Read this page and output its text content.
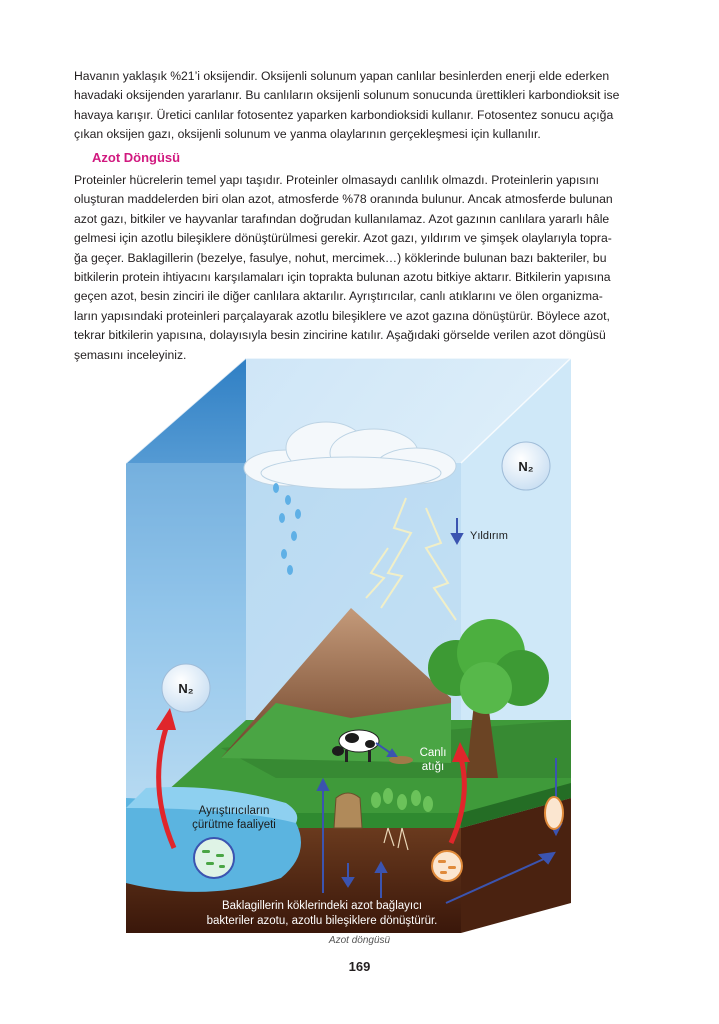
Havanın yaklaşık %21’i oksijendir. Oksijenli solunum yapan canlılar besinlerden enerji elde ederken
havadaki oksijenden yararlanır. Bu canlıların oksijenli solunum sonucunda ürettikleri karbondioksit ise
havaya karışır. Üretici canlılar fotosentez yaparken karbondioksidi kullanır. Fotosentez sonucu açığa
çıkan oksijen gazı, oksijenli solunum ve yanma olaylarının gerçekleşmesi için kullanılır.
Azot Döngüsü
Proteinler hücrelerin temel yapı taşıdır. Proteinler olmasaydı canlılık olmazdı. Proteinlerin yapısını
oluşturan maddelerden biri olan azot, atmosferde %78 oranında bulunur. Ancak atmosferde bulunan
azot gazı, bitkiler ve hayvanlar tarafından doğrudan kullanılamaz. Azot gazının canlılara yararlı hâle
gelmesi için azotlu bileşiklere dönüştürülmesi gerekir. Azot gazı, yıldırım ve şimşek olaylarıyla topra-
ğa geçer. Baklagillerin (bezelye, fasulye, nohut, mercimek…) köklerinde bulunan bazı bakteriler, bu
bitkilerin protein ihtiyacını karşılamaları için toprakta bulunan azotu bitkiye aktarır. Bitkilerin yapısına
geçen azot, besin zinciri ile diğer canlılara aktarılır. Ayrıştırıcılar, canlı atıklarını ve ölen organizma-
ların yapısındaki proteinleri parçalayarak azotlu bileşiklere ve azot gazına dönüştürür. Böylece azot,
tekrar bitkilerin yapısına, dolayısıyla besin zincirine katılır. Aşağıdaki görselde verilen azot döngüsü
şemasını inceleyiniz.
N₂
Yıldırım
N₂
Ayrıştırıcıların
çürütme faaliyeti
Canlı
atığı
Baklagillerin köklerindeki azot bağlayıcı
bakteriler azotu, azotlu bileşiklere dönüştürür.
Azot döngüsü
169
